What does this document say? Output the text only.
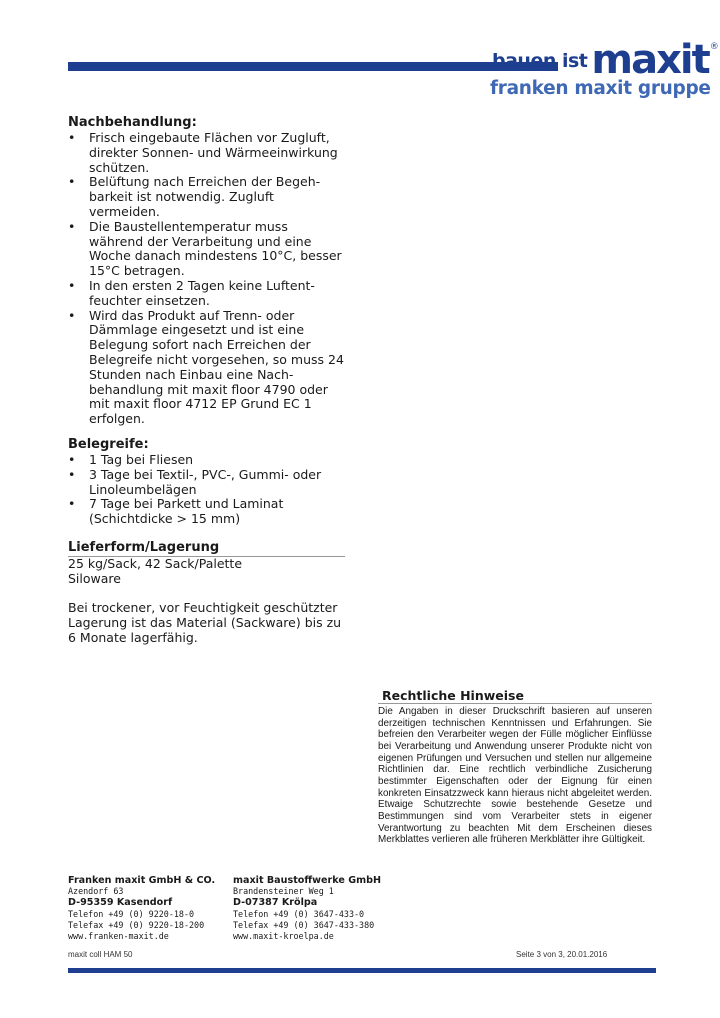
bauen ist maxit®
franken maxit gruppe

Nachbehandlung:

• Frisch eingebaute Flächen vor Zugluft,
direkter Sonnen- und Wärmeeinwirkung
schützen.
• Belüftung nach Erreichen der Begeh-
barkeit ist notwendig. Zugluft
vermeiden.
• Die Baustellentemperatur muss
während der Verarbeitung und eine
Woche danach mindestens 10°C, besser
15°C betragen.
• In den ersten 2 Tagen keine Luftent-
feuchter einsetzen.
• Wird das Produkt auf Trenn- oder
Dämmlage eingesetzt und ist eine
Belegung sofort nach Erreichen der
Belegreife nicht vorgesehen, so muss 24
Stunden nach Einbau eine Nach-
behandlung mit maxit floor 4790 oder
mit maxit floor 4712 EP Grund EC 1
erfolgen.

Belegreife:

• 1 Tag bei Fliesen
• 3 Tage bei Textil-, PVC-, Gummi- oder
Linoleumbelägen
• 7 Tage bei Parkett und Laminat
(Schichtdicke > 15 mm)

Lieferform/Lagerung

25 kg/Sack, 42 Sack/Palette

Siloware

Bei trockener, vor Feuchtigkeit geschützter

Lagerung ist das Material (Sackware) bis zu

6 Monate lagerfähig.

Rechtliche Hinweise

Die Angaben in dieser Druckschrift basieren auf unseren derzeitigen technischen Kenntnissen und Erfahrungen. Sie befreien den Verarbeiter wegen der Fülle möglicher Einflüsse bei Verarbeitung und Anwendung unserer Produkte nicht von eigenen Prüfungen und Versuchen und stellen nur allgemeine Richtlinien dar. Eine rechtlich verbindliche Zusicherung bestimmter Eigenschaften oder der Eignung für einen konkreten Einsatzzweck kann hieraus nicht abgeleitet werden. Etwaige Schutzrechte sowie bestehende Gesetze und Bestimmungen sind vom Verarbeiter stets in eigener Verantwortung zu beachten Mit dem Erscheinen dieses Merkblattes verlieren alle früheren Merkblätter ihre Gültigkeit.

Franken maxit GmbH & CO.
Azendorf 63
D-95359 Kasendorf
Telefon +49 (0) 9220-18-0
Telefax +49 (0) 9220-18-200
www.franken-maxit.de
maxit Baustoffwerke GmbH
Brandensteiner Weg 1
D-07387 Krölpa
Telefon +49 (0) 3647-433-0
Telefax +49 (0) 3647-433-380
www.maxit-kroelpa.de
maxit coll HAM 50	Seite 3 von 3, 20.01.2016
